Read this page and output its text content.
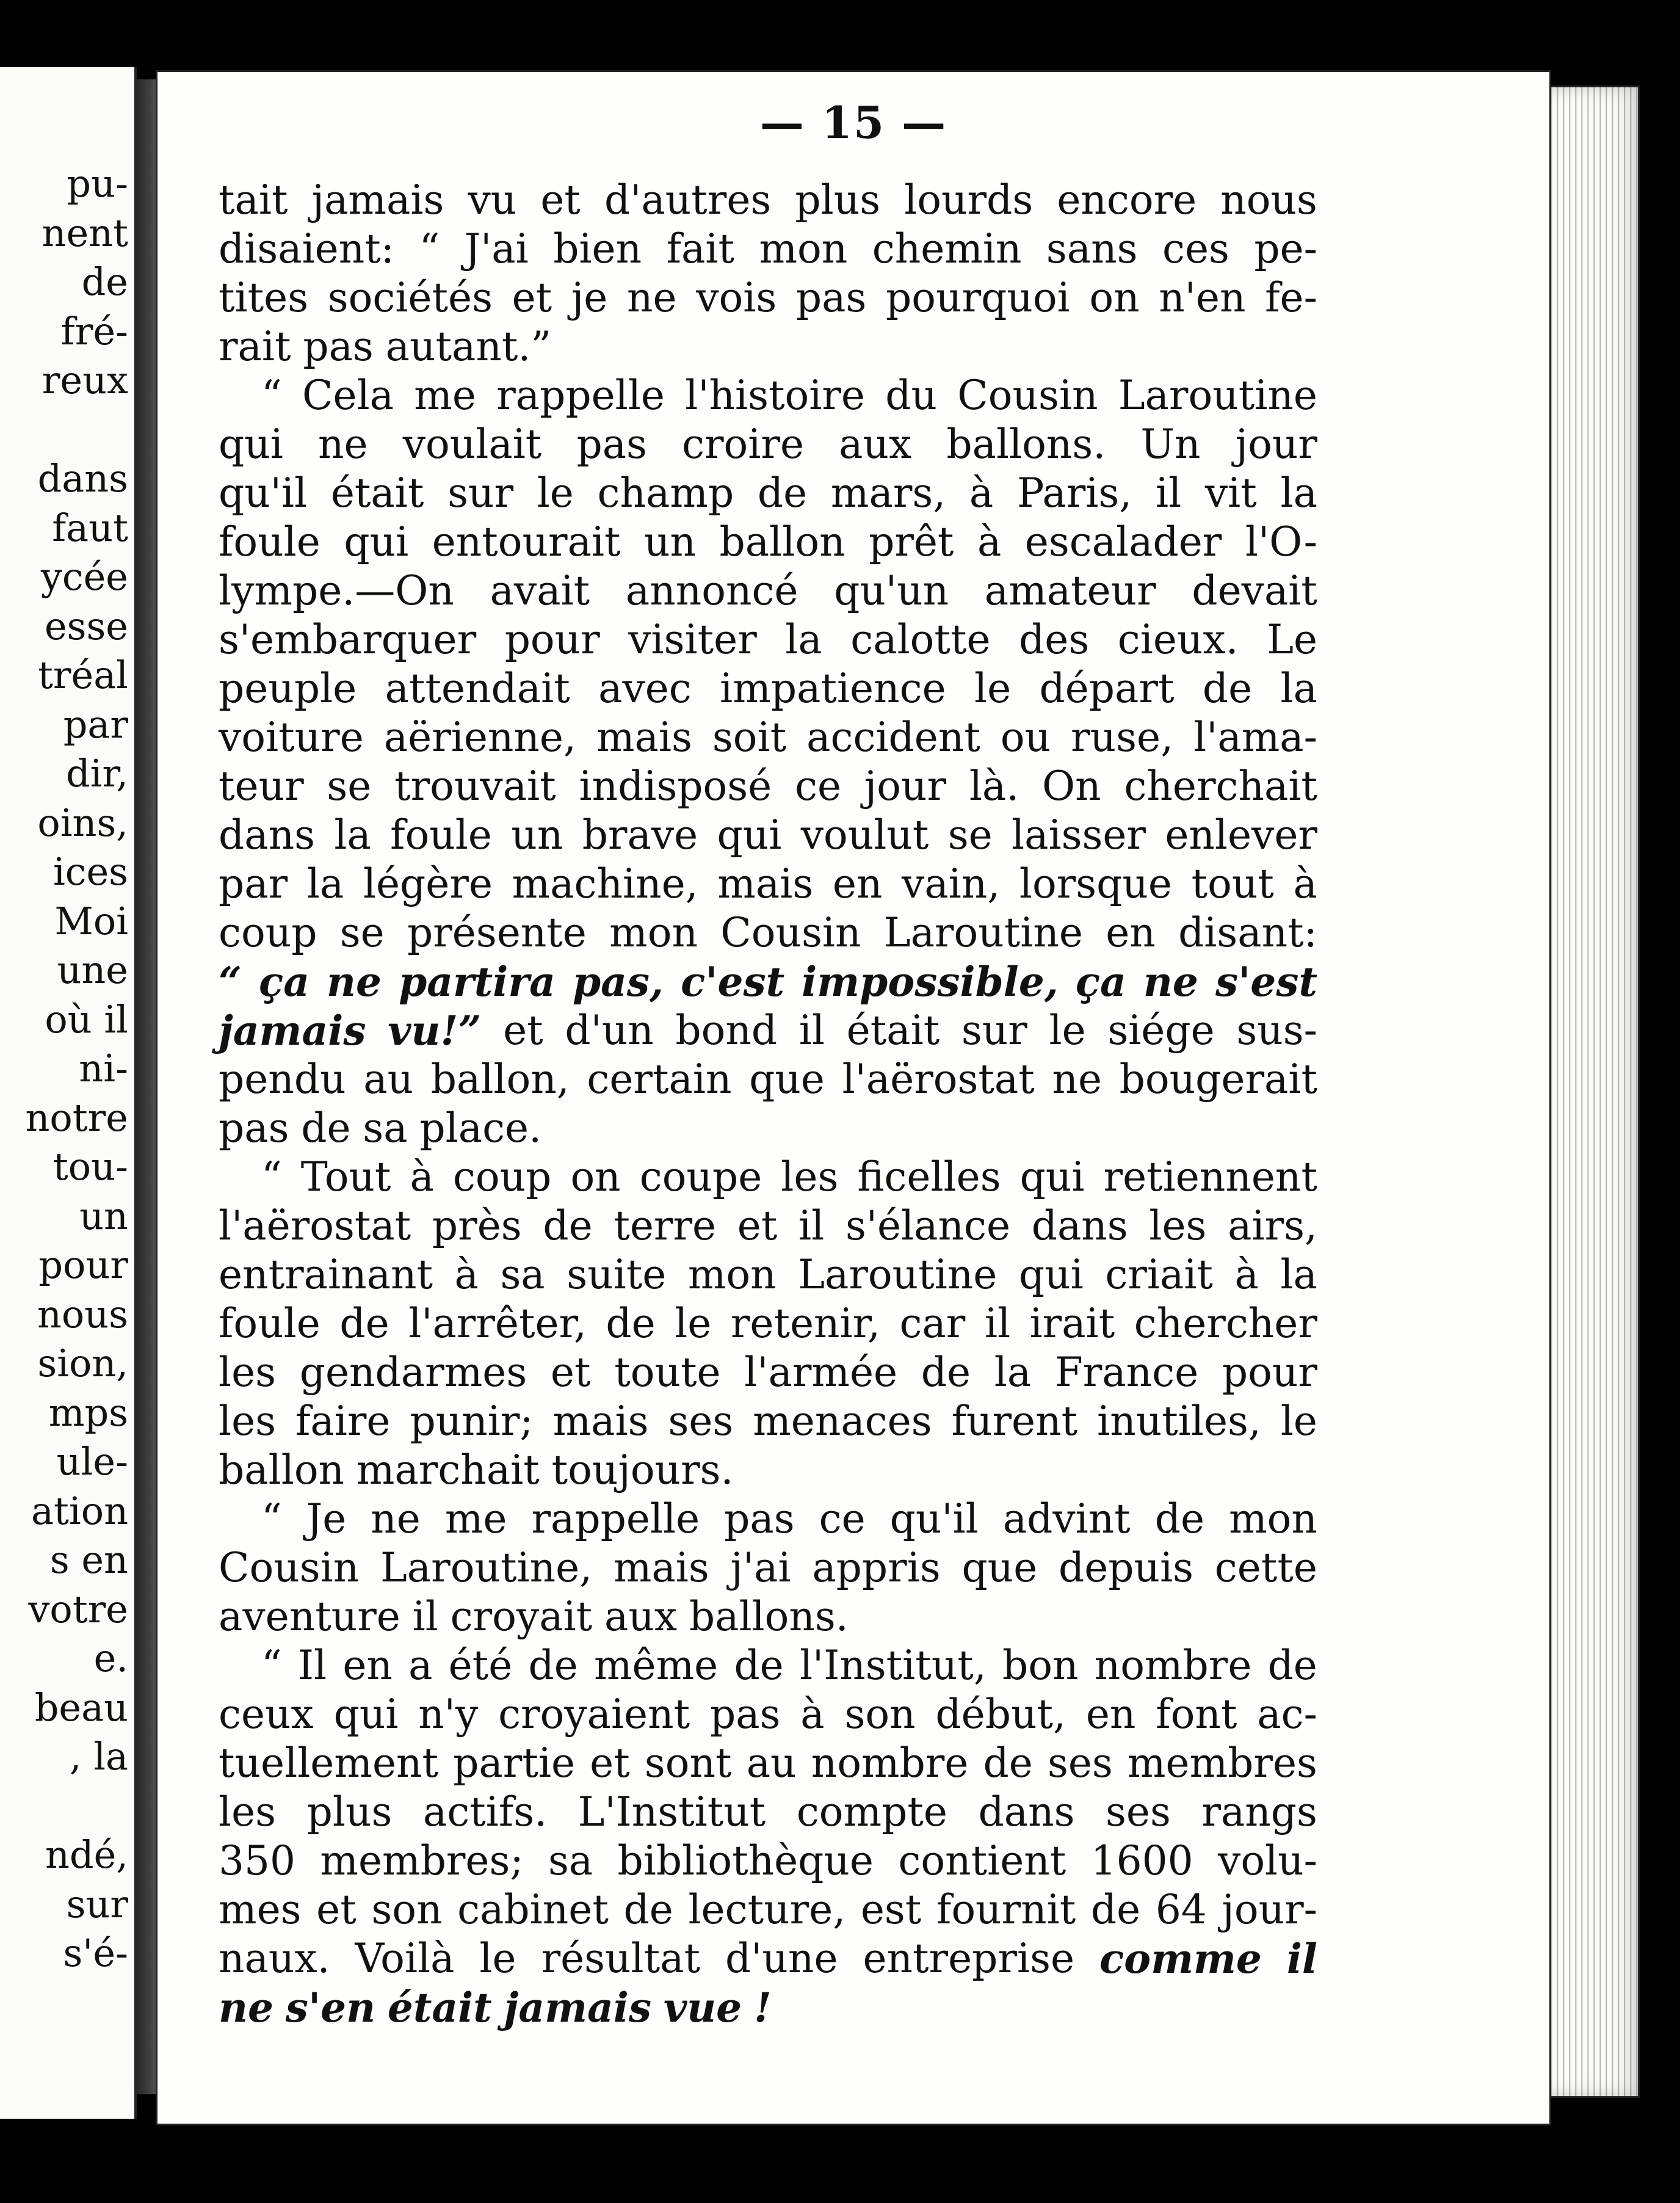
pu-
nent
de
fré-
reux
dans
faut
ycée
esse
tréal
par
dir,
oins,
ices
Moi
une
où il
ni-
notre
tou-
un
pour
nous
sion,
mps
ule-
ation
s en
votre
e.
beau
, la
ndé,
sur
s'é-
— 15 —
tait jamais vu et d'autres plus lourds encore nous
disaient: “ J'ai bien fait mon chemin sans ces pe-
tites sociétés et je ne vois pas pourquoi on n'en fe-
rait pas autant.”
“ Cela me rappelle l'histoire du Cousin Laroutine
qui ne voulait pas croire aux ballons. Un jour
qu'il était sur le champ de mars, à Paris, il vit la
foule qui entourait un ballon prêt à escalader l'O-
lympe.—On avait annoncé qu'un amateur devait
s'embarquer pour visiter la calotte des cieux. Le
peuple attendait avec impatience le départ de la
voiture aërienne, mais soit accident ou ruse, l'ama-
teur se trouvait indisposé ce jour là. On cherchait
dans la foule un brave qui voulut se laisser enlever
par la légère machine, mais en vain, lorsque tout à
coup se présente mon Cousin Laroutine en disant:
“ ça ne partira pas, c'est impossible, ça ne s'est
jamais vu!” et d'un bond il était sur le siége sus-
pendu au ballon, certain que l'aërostat ne bougerait
pas de sa place.
“ Tout à coup on coupe les ficelles qui retiennent
l'aërostat près de terre et il s'élance dans les airs,
entrainant à sa suite mon Laroutine qui criait à la
foule de l'arrêter, de le retenir, car il irait chercher
les gendarmes et toute l'armée de la France pour
les faire punir; mais ses menaces furent inutiles, le
ballon marchait toujours.
“ Je ne me rappelle pas ce qu'il advint de mon
Cousin Laroutine, mais j'ai appris que depuis cette
aventure il croyait aux ballons.
“ Il en a été de même de l'Institut, bon nombre de
ceux qui n'y croyaient pas à son début, en font ac-
tuellement partie et sont au nombre de ses membres
les plus actifs. L'Institut compte dans ses rangs
350 membres; sa bibliothèque contient 1600 volu-
mes et son cabinet de lecture, est fournit de 64 jour-
naux. Voilà le résultat d'une entreprise comme il
ne s'en était jamais vue !
